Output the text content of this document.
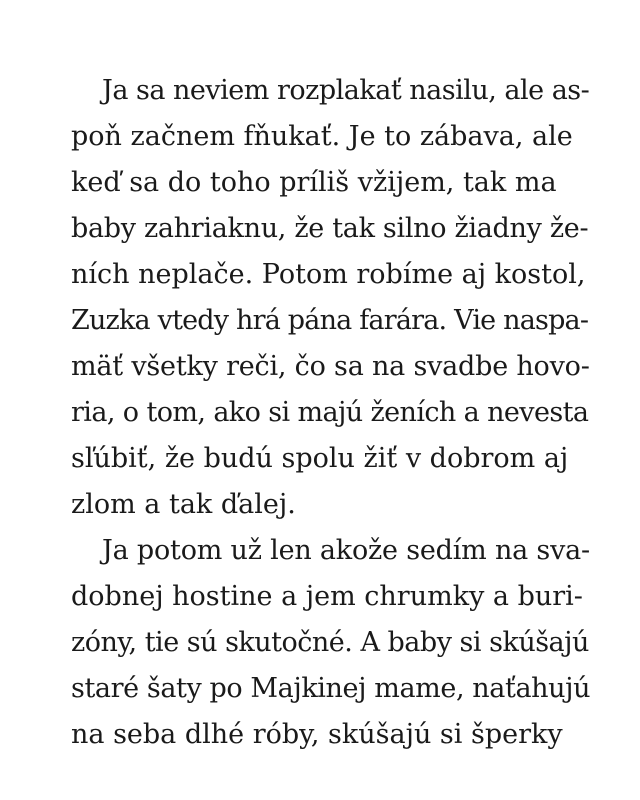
Ja sa neviem rozplakať nasilu, ale as-
poň začnem fňukať. Je to zábava, ale
keď sa do toho príliš vžijem, tak ma
baby zahriaknu, že tak silno žiadny že-
ních neplače. Potom robíme aj kostol,
Zuzka vtedy hrá pána farára. Vie naspa-
mäť všetky reči, čo sa na svadbe hovo-
ria, o tom, ako si majú ženích a nevesta
sľúbiť, že budú spolu žiť v dobrom aj
zlom a tak ďalej.
Ja potom už len akože sedím na sva-
dobnej hostine a jem chrumky a buri-
zóny, tie sú skutočné. A baby si skúšajú
staré šaty po Majkinej mame, naťahujú
na seba dlhé róby, skúšajú si šperky
